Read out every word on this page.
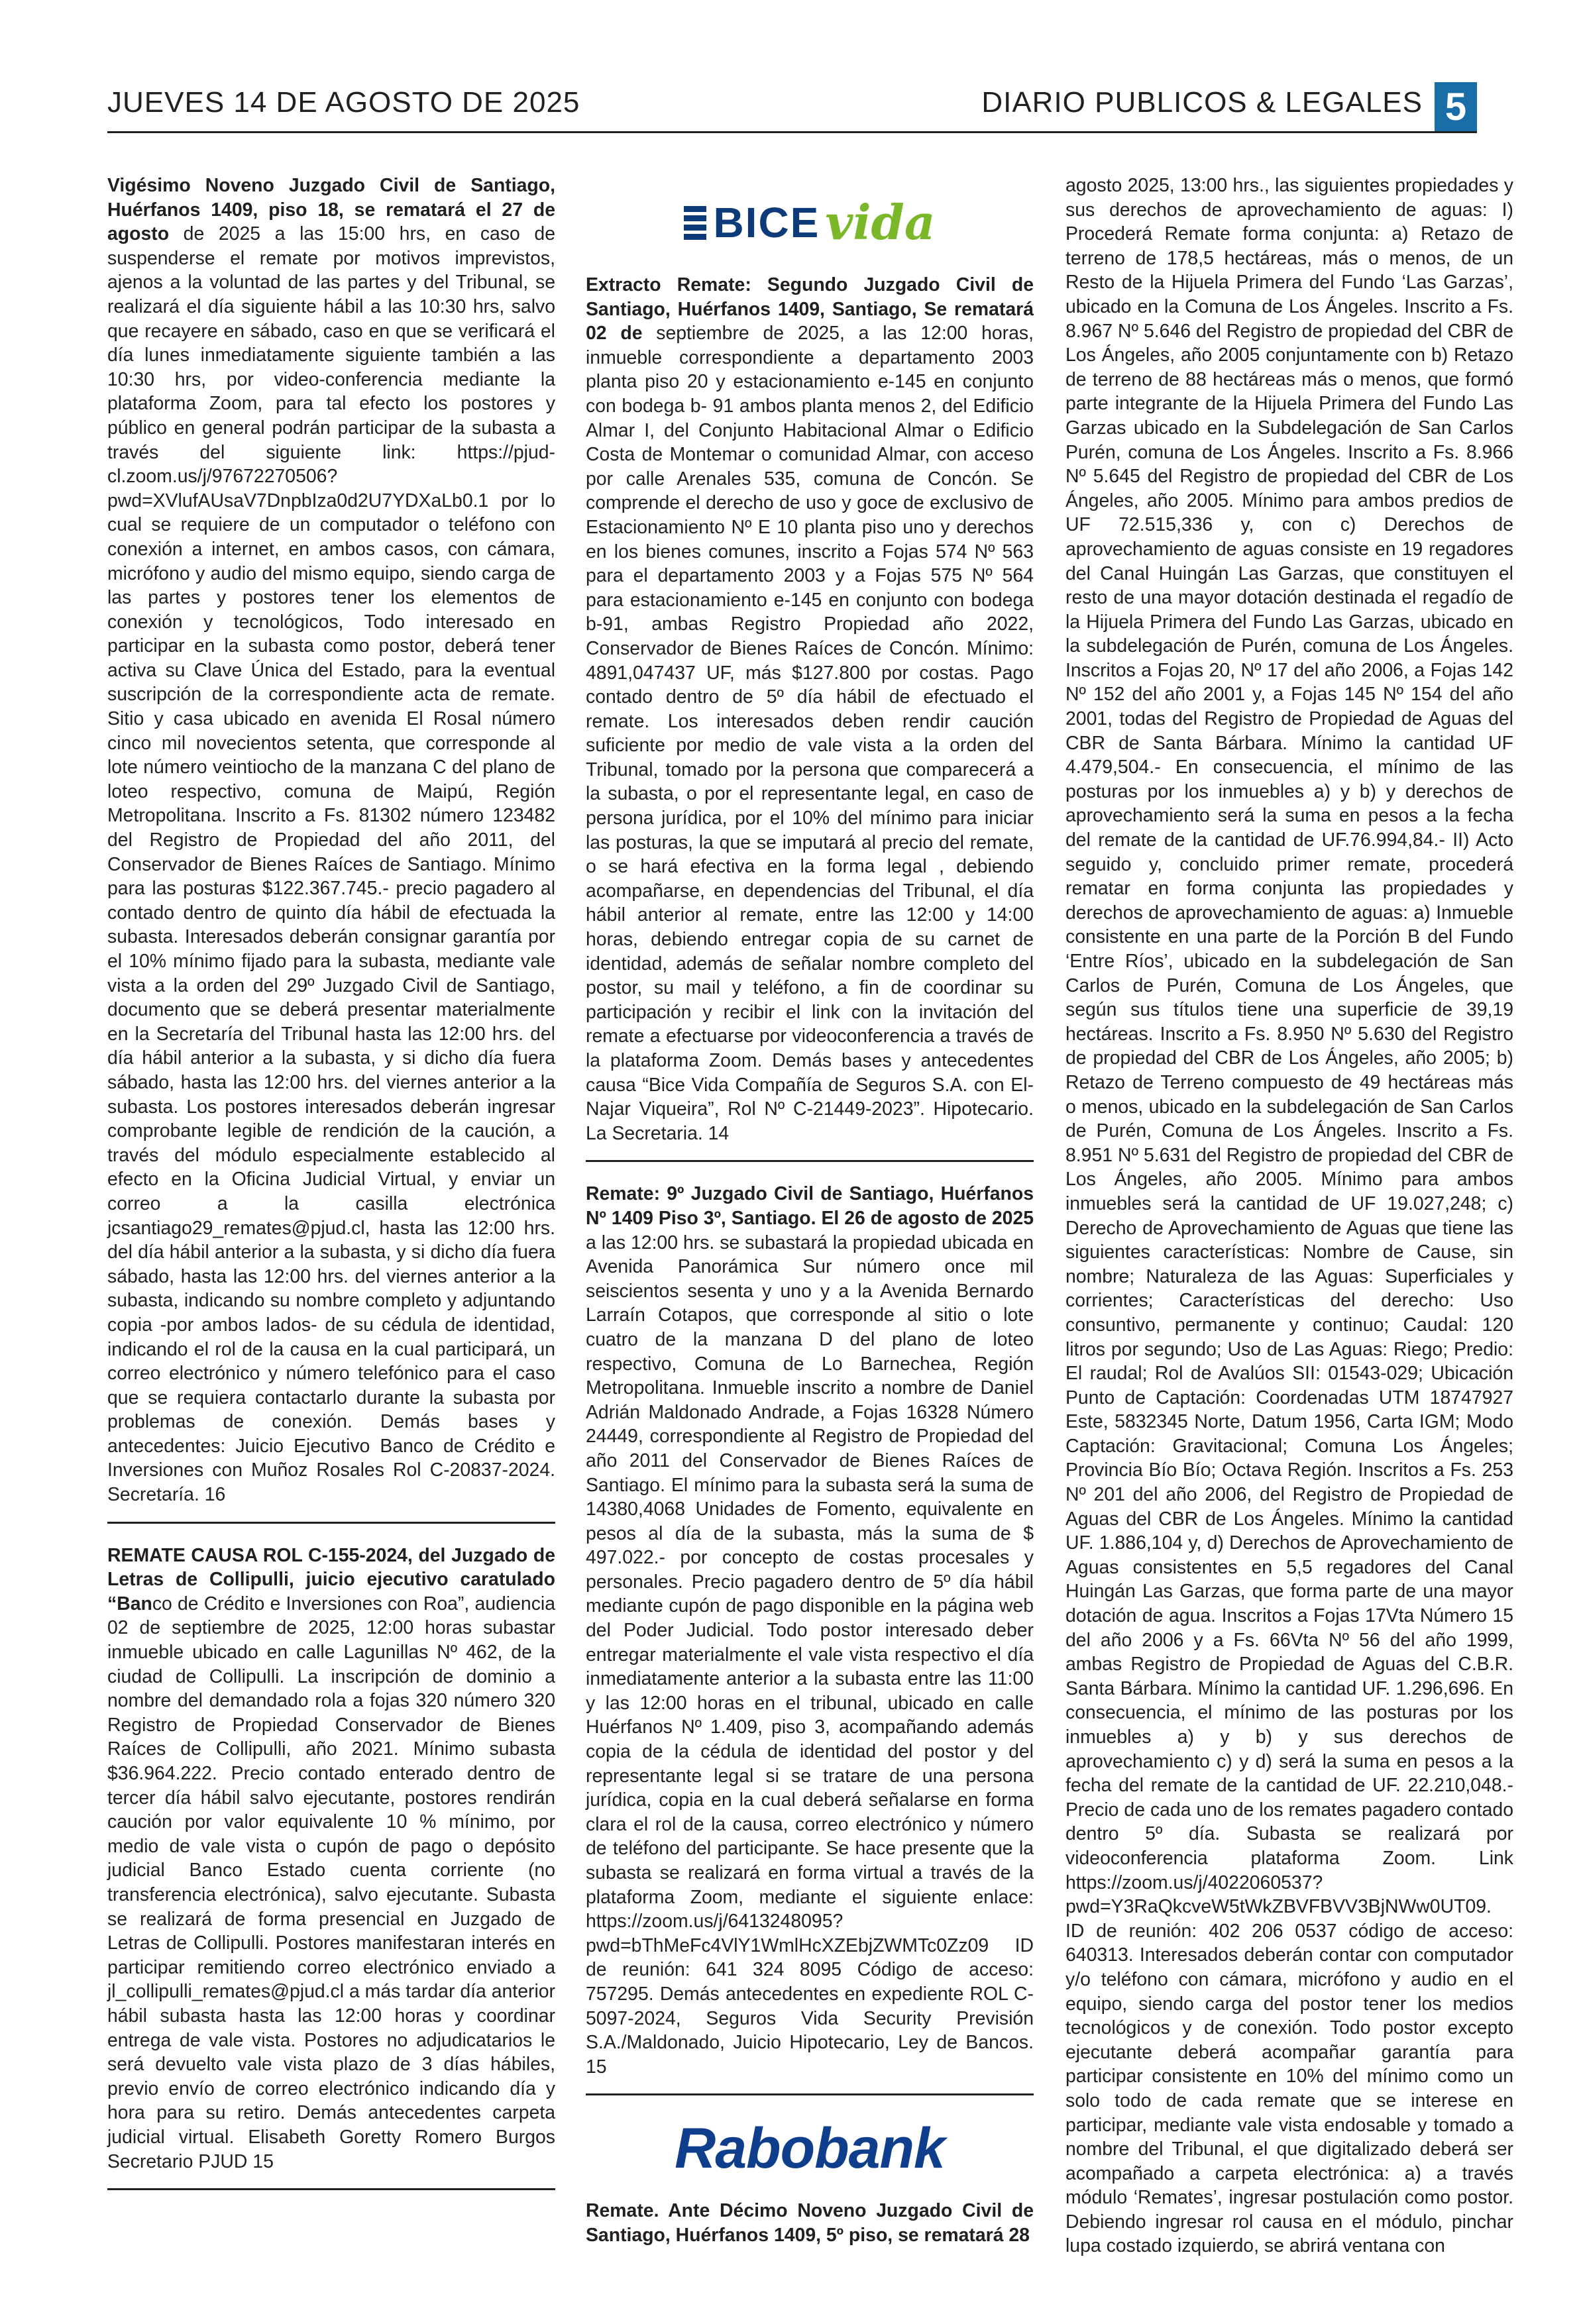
JUEVES 14 DE AGOSTO DE 2025	DIARIO PUBLICOS & LEGALES 5

Vigésimo Noveno Juzgado Civil de Santiago, Huérfanos 1409, piso 18, se rematará el 27 de agosto de 2025 a las 15:00 hrs, en caso de suspenderse el remate por motivos imprevistos, ajenos a la voluntad de las partes y del Tribunal, se realizará el día siguiente hábil a las 10:30 hrs, salvo que recayere en sábado, caso en que se verificará el día lunes inmediatamente siguiente también a las 10:30 hrs, por video-conferencia mediante la plataforma Zoom, para tal efecto los postores y público en general podrán participar de la subasta a través del siguiente link: https://pjud-cl.zoom.us/j/97672270506?pwd=XVlufAUsaV7DnpbIza0d2U7YDXaLb0.1 por lo cual se requiere de un computador o teléfono con conexión a internet, en ambos casos, con cámara, micrófono y audio del mismo equipo, siendo carga de las partes y postores tener los elementos de conexión y tecnológicos, Todo interesado en participar en la subasta como postor, deberá tener activa su Clave Única del Estado, para la eventual suscripción de la correspondiente acta de remate. Sitio y casa ubicado en avenida El Rosal número cinco mil novecientos setenta, que corresponde al lote número veintiocho de la manzana C del plano de loteo respectivo, comuna de Maipú, Región Metropolitana. Inscrito a Fs. 81302 número 123482 del Registro de Propiedad del año 2011, del Conservador de Bienes Raíces de Santiago. Mínimo para las posturas $122.367.745.- precio pagadero al contado dentro de quinto día hábil de efectuada la subasta. Interesados deberán consignar garantía por el 10% mínimo fijado para la subasta, mediante vale vista a la orden del 29º Juzgado Civil de Santiago, documento que se deberá presentar materialmente en la Secretaría del Tribunal hasta las 12:00 hrs. del día hábil anterior a la subasta, y si dicho día fuera sábado, hasta las 12:00 hrs. del viernes anterior a la subasta. Los postores interesados deberán ingresar comprobante legible de rendición de la caución, a través del módulo especialmente establecido al efecto en la Oficina Judicial Virtual, y enviar un correo a la casilla electrónica jcsantiago29_remates@pjud.cl, hasta las 12:00 hrs. del día hábil anterior a la subasta, y si dicho día fuera sábado, hasta las 12:00 hrs. del viernes anterior a la subasta, indicando su nombre completo y adjuntando copia -por ambos lados- de su cédula de identidad, indicando el rol de la causa en la cual participará, un correo electrónico y número telefónico para el caso que se requiera contactarlo durante la subasta por problemas de conexión. Demás bases y antecedentes: Juicio Ejecutivo Banco de Crédito e Inversiones con Muñoz Rosales Rol C-20837-2024. Secretaría. 16

REMATE CAUSA ROL C-155-2024, del Juzgado de Letras de Collipulli, juicio ejecutivo caratulado “Banco de Crédito e Inversiones con Roa”, audiencia 02 de septiembre de 2025, 12:00 horas subastar inmueble ubicado en calle Lagunillas Nº 462, de la ciudad de Collipulli. La inscripción de dominio a nombre del demandado rola a fojas 320 número 320 Registro de Propiedad Conservador de Bienes Raíces de Collipulli, año 2021. Mínimo subasta $36.964.222. Precio contado enterado dentro de tercer día hábil salvo ejecutante, postores rendirán caución por valor equivalente 10 % mínimo, por medio de vale vista o cupón de pago o depósito judicial Banco Estado cuenta corriente (no transferencia electrónica), salvo ejecutante. Subasta se realizará de forma presencial en Juzgado de Letras de Collipulli. Postores manifestaran interés en participar remitiendo correo electrónico enviado a jl_collipulli_remates@pjud.cl a más tardar día anterior hábil subasta hasta las 12:00 horas y coordinar entrega de vale vista. Postores no adjudicatarios le será devuelto vale vista plazo de 3 días hábiles, previo envío de correo electrónico indicando día y hora para su retiro. Demás antecedentes carpeta judicial virtual. Elisabeth Goretty Romero Burgos Secretario PJUD 15

BICE vida

Extracto Remate: Segundo Juzgado Civil de Santiago, Huérfanos 1409, Santiago, Se rematará 02 de septiembre de 2025, a las 12:00 horas, inmueble correspondiente a departamento 2003 planta piso 20 y estacionamiento e-145 en conjunto con bodega b- 91 ambos planta menos 2, del Edificio Almar I, del Conjunto Habitacional Almar o Edificio Costa de Montemar o comunidad Almar, con acceso por calle Arenales 535, comuna de Concón. Se comprende el derecho de uso y goce de exclusivo de Estacionamiento Nº E 10 planta piso uno y derechos en los bienes comunes, inscrito a Fojas 574 Nº 563 para el departamento 2003 y a Fojas 575 Nº 564 para estacionamiento e-145 en conjunto con bodega b-91, ambas Registro Propiedad año 2022, Conservador de Bienes Raíces de Concón. Mínimo: 4891,047437 UF, más $127.800 por costas. Pago contado dentro de 5º día hábil de efectuado el remate. Los interesados deben rendir caución suficiente por medio de vale vista a la orden del Tribunal, tomado por la persona que comparecerá a la subasta, o por el representante legal, en caso de persona jurídica, por el 10% del mínimo para iniciar las posturas, la que se imputará al precio del remate, o se hará efectiva en la forma legal , debiendo acompañarse, en dependencias del Tribunal, el día hábil anterior al remate, entre las 12:00 y 14:00 horas, debiendo entregar copia de su carnet de identidad, además de señalar nombre completo del postor, su mail y teléfono, a fin de coordinar su participación y recibir el link con la invitación del remate a efectuarse por videoconferencia a través de la plataforma Zoom. Demás bases y antecedentes causa “Bice Vida Compañía de Seguros S.A. con El-Najar Viqueira”, Rol Nº C-21449-2023”. Hipotecario. La Secretaria. 14

Remate: 9º Juzgado Civil de Santiago, Huérfanos Nº 1409 Piso 3º, Santiago. El 26 de agosto de 2025 a las 12:00 hrs. se subastará la propiedad ubicada en Avenida Panorámica Sur número once mil seiscientos sesenta y uno y a la Avenida Bernardo Larraín Cotapos, que corresponde al sitio o lote cuatro de la manzana D del plano de loteo respectivo, Comuna de Lo Barnechea, Región Metropolitana. Inmueble inscrito a nombre de Daniel Adrián Maldonado Andrade, a Fojas 16328 Número 24449, correspondiente al Registro de Propiedad del año 2011 del Conservador de Bienes Raíces de Santiago. El mínimo para la subasta será la suma de 14380,4068 Unidades de Fomento, equivalente en pesos al día de la subasta, más la suma de $ 497.022.- por concepto de costas procesales y personales. Precio pagadero dentro de 5º día hábil mediante cupón de pago disponible en la página web del Poder Judicial. Todo postor interesado deber entregar materialmente el vale vista respectivo el día inmediatamente anterior a la subasta entre las 11:00 y las 12:00 horas en el tribunal, ubicado en calle Huérfanos Nº 1.409, piso 3, acompañando además copia de la cédula de identidad del postor y del representante legal si se tratare de una persona jurídica, copia en la cual deberá señalarse en forma clara el rol de la causa, correo electrónico y número de teléfono del participante. Se hace presente que la subasta se realizará en forma virtual a través de la plataforma Zoom, mediante el siguiente enlace: https://zoom.us/j/6413248095?pwd=bThMeFc4VlY1WmlHcXZEbjZWMTc0Zz09 ID de reunión: 641 324 8095 Código de acceso: 757295. Demás antecedentes en expediente ROL C-5097-2024, Seguros Vida Security Previsión S.A./Maldonado, Juicio Hipotecario, Ley de Bancos. 15

Rabobank

Remate. Ante Décimo Noveno Juzgado Civil de Santiago, Huérfanos 1409, 5º piso, se rematará 28

agosto 2025, 13:00 hrs., las siguientes propiedades y sus derechos de aprovechamiento de aguas: I) Procederá Remate forma conjunta: a) Retazo de terreno de 178,5 hectáreas, más o menos, de un Resto de la Hijuela Primera del Fundo ‘Las Garzas’, ubicado en la Comuna de Los Ángeles. Inscrito a Fs. 8.967 Nº 5.646 del Registro de propiedad del CBR de Los Ángeles, año 2005 conjuntamente con b) Retazo de terreno de 88 hectáreas más o menos, que formó parte integrante de la Hijuela Primera del Fundo Las Garzas ubicado en la Subdelegación de San Carlos Purén, comuna de Los Ángeles. Inscrito a Fs. 8.966 Nº 5.645 del Registro de propiedad del CBR de Los Ángeles, año 2005. Mínimo para ambos predios de UF 72.515,336 y, con c) Derechos de aprovechamiento de aguas consiste en 19 regadores del Canal Huingán Las Garzas, que constituyen el resto de una mayor dotación destinada el regadío de la Hijuela Primera del Fundo Las Garzas, ubicado en la subdelegación de Purén, comuna de Los Ángeles. Inscritos a Fojas 20, Nº 17 del año 2006, a Fojas 142 Nº 152 del año 2001 y, a Fojas 145 Nº 154 del año 2001, todas del Registro de Propiedad de Aguas del CBR de Santa Bárbara. Mínimo la cantidad UF 4.479,504.- En consecuencia, el mínimo de las posturas por los inmuebles a) y b) y derechos de aprovechamiento será la suma en pesos a la fecha del remate de la cantidad de UF.76.994,84.- II) Acto seguido y, concluido primer remate, procederá rematar en forma conjunta las propiedades y derechos de aprovechamiento de aguas: a) Inmueble consistente en una parte de la Porción B del Fundo ‘Entre Ríos’, ubicado en la subdelegación de San Carlos de Purén, Comuna de Los Ángeles, que según sus títulos tiene una superficie de 39,19 hectáreas. Inscrito a Fs. 8.950 Nº 5.630 del Registro de propiedad del CBR de Los Ángeles, año 2005; b) Retazo de Terreno compuesto de 49 hectáreas más o menos, ubicado en la subdelegación de San Carlos de Purén, Comuna de Los Ángeles. Inscrito a Fs. 8.951 Nº 5.631 del Registro de propiedad del CBR de Los Ángeles, año 2005. Mínimo para ambos inmuebles será la cantidad de UF 19.027,248; c) Derecho de Aprovechamiento de Aguas que tiene las siguientes características: Nombre de Cause, sin nombre; Naturaleza de las Aguas: Superficiales y corrientes; Características del derecho: Uso consuntivo, permanente y continuo; Caudal: 120 litros por segundo; Uso de Las Aguas: Riego; Predio: El raudal; Rol de Avalúos SII: 01543-029; Ubicación Punto de Captación: Coordenadas UTM 18747927 Este, 5832345 Norte, Datum 1956, Carta IGM; Modo Captación: Gravitacional; Comuna Los Ángeles; Provincia Bío Bío; Octava Región. Inscritos a Fs. 253 Nº 201 del año 2006, del Registro de Propiedad de Aguas del CBR de Los Ángeles. Mínimo la cantidad UF. 1.886,104 y, d) Derechos de Aprovechamiento de Aguas consistentes en 5,5 regadores del Canal Huingán Las Garzas, que forma parte de una mayor dotación de agua. Inscritos a Fojas 17Vta Número 15 del año 2006 y a Fs. 66Vta Nº 56 del año 1999, ambas Registro de Propiedad de Aguas del C.B.R. Santa Bárbara. Mínimo la cantidad UF. 1.296,696. En consecuencia, el mínimo de las posturas por los inmuebles a) y b) y sus derechos de aprovechamiento c) y d) será la suma en pesos a la fecha del remate de la cantidad de UF. 22.210,048.- Precio de cada uno de los remates pagadero contado dentro 5º día. Subasta se realizará por videoconferencia plataforma Zoom. Link https://zoom.us/j/4022060537?pwd=Y3RaQkcveW5tWkZBVFBVV3BjNWw0UT09. ID de reunión: 402 206 0537 código de acceso: 640313. Interesados deberán contar con computador y/o teléfono con cámara, micrófono y audio en el equipo, siendo carga del postor tener los medios tecnológicos y de conexión. Todo postor excepto ejecutante deberá acompañar garantía para participar consistente en 10% del mínimo como un solo todo de cada remate que se interese en participar, mediante vale vista endosable y tomado a nombre del Tribunal, el que digitalizado deberá ser acompañado a carpeta electrónica: a) a través módulo ‘Remates’, ingresar postulación como postor. Debiendo ingresar rol causa en el módulo, pinchar lupa costado izquierdo, se abrirá ventana con
